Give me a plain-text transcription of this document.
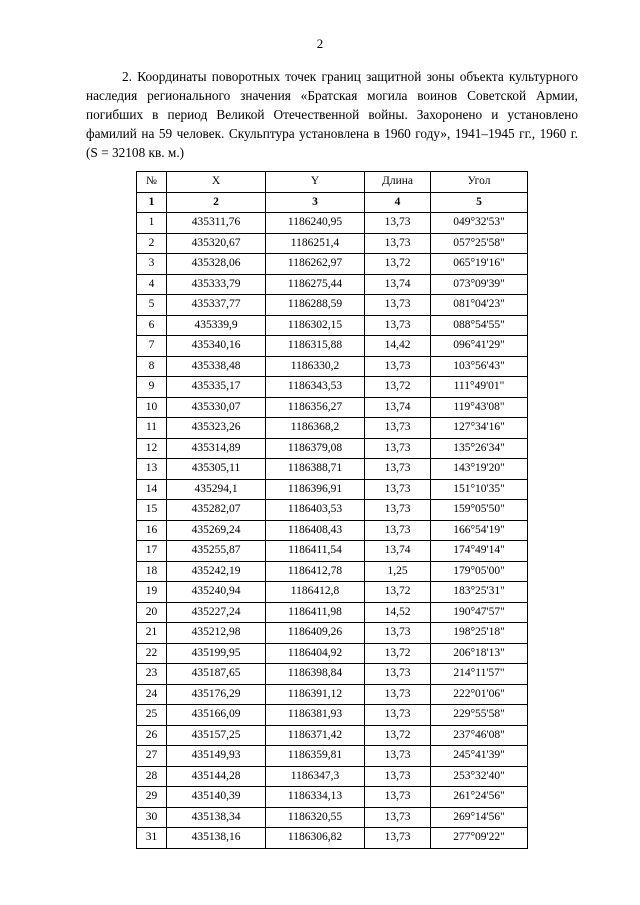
2

2. Координаты поворотных точек границ защитной зоны объекта культурного наследия регионального значения «Братская могила воинов Советской Армии, погибших в период Великой Отечественной войны. Захоронено и установлено фамилий на 59 человек. Скульптура установлена в 1960 году», 1941–1945 гг., 1960 г. (S = 32108 кв. м.)

№	X	Y	Длина	Угол
1	2	3	4	5
1	435311,76	1186240,95	13,73	049°32'53"
2	435320,67	1186251,4	13,73	057°25'58"
3	435328,06	1186262,97	13,72	065°19'16"
4	435333,79	1186275,44	13,74	073°09'39"
5	435337,77	1186288,59	13,73	081°04'23"
6	435339,9	1186302,15	13,73	088°54'55"
7	435340,16	1186315,88	14,42	096°41'29"
8	435338,48	1186330,2	13,73	103°56'43"
9	435335,17	1186343,53	13,72	111°49'01"
10	435330,07	1186356,27	13,74	119°43'08"
11	435323,26	1186368,2	13,73	127°34'16"
12	435314,89	1186379,08	13,73	135°26'34"
13	435305,11	1186388,71	13,73	143°19'20"
14	435294,1	1186396,91	13,73	151°10'35"
15	435282,07	1186403,53	13,73	159°05'50"
16	435269,24	1186408,43	13,73	166°54'19"
17	435255,87	1186411,54	13,74	174°49'14"
18	435242,19	1186412,78	1,25	179°05'00"
19	435240,94	1186412,8	13,72	183°25'31"
20	435227,24	1186411,98	14,52	190°47'57"
21	435212,98	1186409,26	13,73	198°25'18"
22	435199,95	1186404,92	13,72	206°18'13"
23	435187,65	1186398,84	13,73	214°11'57"
24	435176,29	1186391,12	13,73	222°01'06"
25	435166,09	1186381,93	13,73	229°55'58"
26	435157,25	1186371,42	13,72	237°46'08"
27	435149,93	1186359,81	13,73	245°41'39"
28	435144,28	1186347,3	13,73	253°32'40"
29	435140,39	1186334,13	13,73	261°24'56"
30	435138,34	1186320,55	13,73	269°14'56"
31	435138,16	1186306,82	13,73	277°09'22"
